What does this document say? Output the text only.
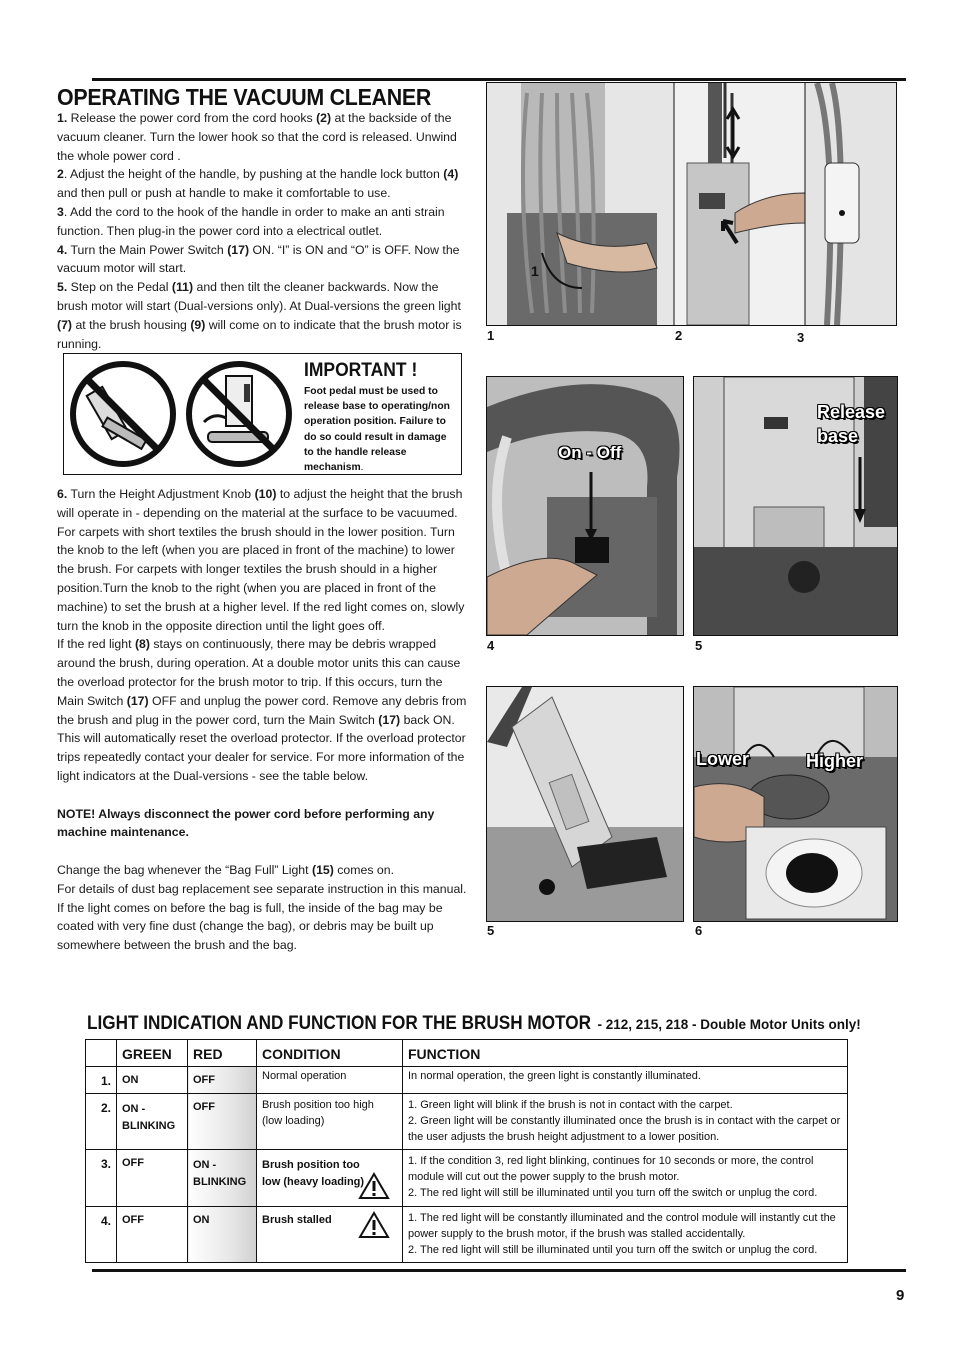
OPERATING THE VACUUM CLEANER

1. Release the power cord from the cord hooks (2) at the backside of the vacuum cleaner. Turn the lower hook so that the cord is released. Unwind the whole power cord .

2. Adjust the height of the handle, by pushing at the handle lock button (4) and then pull or push at handle to make it comfortable to use.

3. Add the cord to the hook of the handle in order to make an anti strain function. Then plug-in the power cord into a electrical outlet.

4. Turn the Main Power Switch (17) ON. “I” is ON and “O” is OFF. Now the vacuum motor will start.

5. Step on the Pedal (11) and then tilt the cleaner backwards. Now the brush motor will start (Dual-versions only). At Dual-versions the green light (7) at the brush housing (9) will come on to indicate that the brush motor is running.

IMPORTANT !
Foot pedal must be used to release base to operating/non operation position. Failure to do so could result in damage to the handle release mechanism.

6. Turn the Height Adjustment Knob (10) to adjust the height that the brush will operate in - depending on the material at the surface to be vacuumed. For carpets with short textiles the brush should in the lower position. Turn the knob to the left (when you are placed in front of the machine) to lower the brush. For carpets with longer textiles the brush should in a higher position.Turn the knob to the right (when you are placed in front of the machine) to set the brush at a higher level. If the red light comes on, slowly turn the knob in the opposite direction until the light goes off.

If the red light (8) stays on continuously, there may be debris wrapped around the brush, during operation. At a double motor units this can cause the overload protector for the brush motor to trip. If this occurs, turn the Main Switch (17) OFF and unplug the power cord. Remove any debris from the brush and plug in the power cord, turn the Main Switch (17) back ON. This will automatically reset the overload protector. If the overload protector trips repeatedly contact your dealer for service. For more information of the light indicators at the Dual-versions - see the table below.

NOTE! Always disconnect the power cord before performing any machine maintenance.

Change the bag whenever the “Bag Full” Light (15) comes on.
For details of dust bag replacement see separate instruction in this manual. If the light comes on before the bag is full, the inside of the bag may be coated with very fine dust (change the bag), or debris may be built up somewhere between the brush and the bag.

1
1	2	3
On - Off
4
Release
base
5
5
Lower	Higher
6
LIGHT INDICATION AND FUNCTION FOR THE BRUSH MOTOR - 212, 215, 218 - Double Motor Units only!
	GREEN	RED	CONDITION	FUNCTION
1.	ON	OFF	Normal operation	In normal operation, the green light is constantly illuminated.
2.	ON -
BLINKING	OFF	Brush position too high (low loading)	1. Green light will blink if the brush is not in contact with the carpet.
2. Green light will be constantly illuminated once the brush is in contact with the carpet or the user adjusts the brush height adjustment to a lower position.
3.	OFF	ON -
BLINKING	Brush position too low (heavy loading)	1. If the condition 3, red light blinking, continues for 10 seconds or more, the control module will cut out the power supply to the brush motor.
2. The red light will still be illuminated until you turn off the switch or unplug the cord.
4.	OFF	ON	Brush stalled	1. The red light will be constantly illuminated and the control module will instantly cut the power supply to the brush motor, if the brush was stalled accidentally.
2. The red light will still be illuminated until you turn off the switch or unplug the cord.
9
